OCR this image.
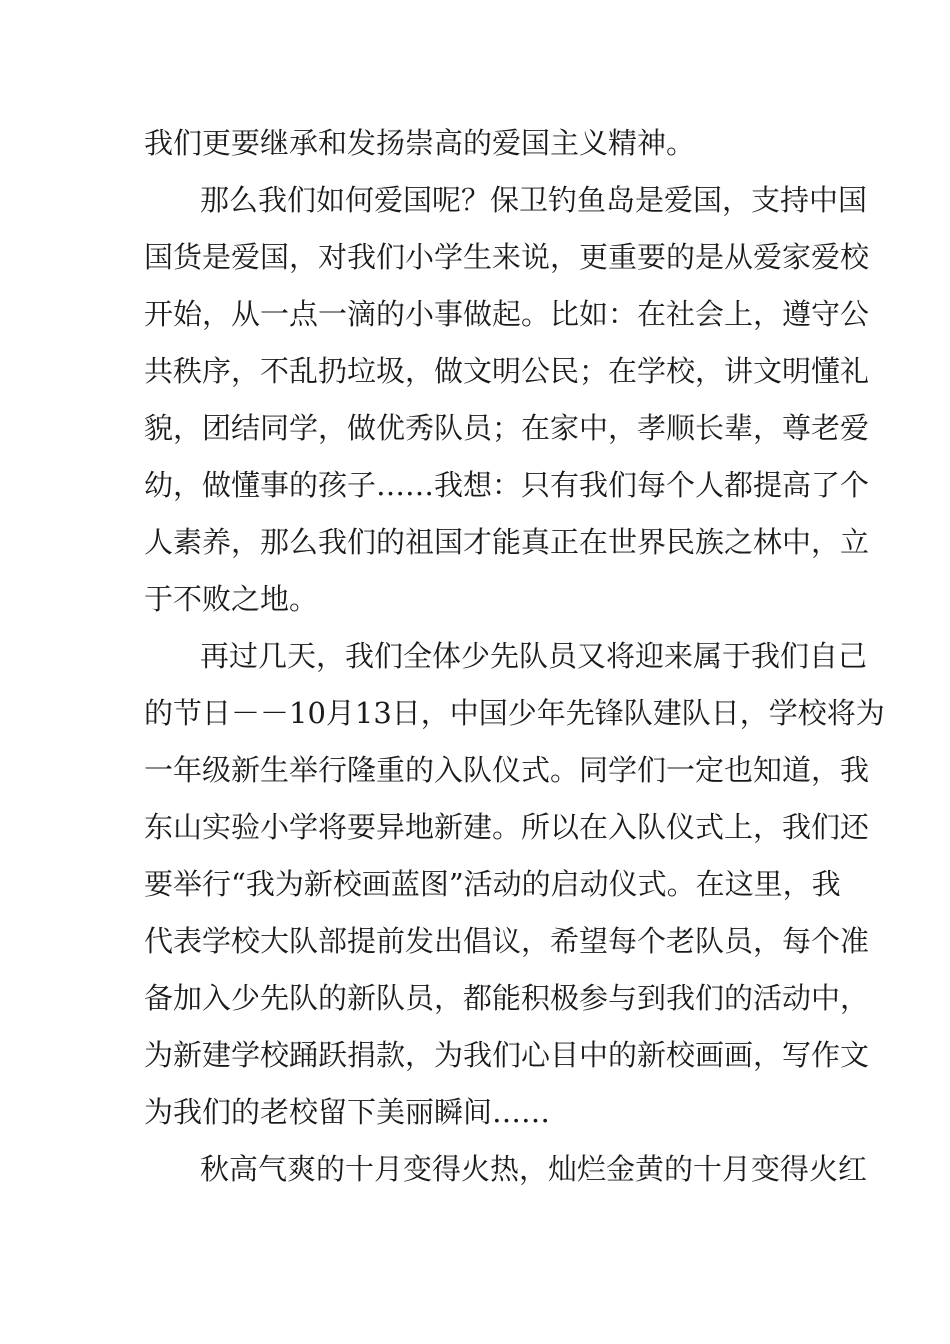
我们更要继承和发扬崇高的爱国主义精神。

那么我们如何爱国呢？保卫钓鱼岛是爱国，支持中国

国货是爱国，对我们小学生来说，更重要的是从爱家爱校

开始，从一点一滴的小事做起。比如：在社会上，遵守公

共秩序，不乱扔垃圾，做文明公民；在学校，讲文明懂礼

貌，团结同学，做优秀队员；在家中，孝顺长辈，尊老爱

幼，做懂事的孩子……我想：只有我们每个人都提高了个

人素养，那么我们的祖国才能真正在世界民族之林中，立

于不败之地。

再过几天，我们全体少先队员又将迎来属于我们自己

的节日－－10月13日，中国少年先锋队建队日，学校将为

一年级新生举行隆重的入队仪式。同学们一定也知道，我

东山实验小学将要异地新建。所以在入队仪式上，我们还

要举行“我为新校画蓝图”活动的启动仪式。在这里，我

代表学校大队部提前发出倡议，希望每个老队员，每个准

备加入少先队的新队员，都能积极参与到我们的活动中，

为新建学校踊跃捐款，为我们心目中的新校画画，写作文

为我们的老校留下美丽瞬间……

秋高气爽的十月变得火热，灿烂金黄的十月变得火红
